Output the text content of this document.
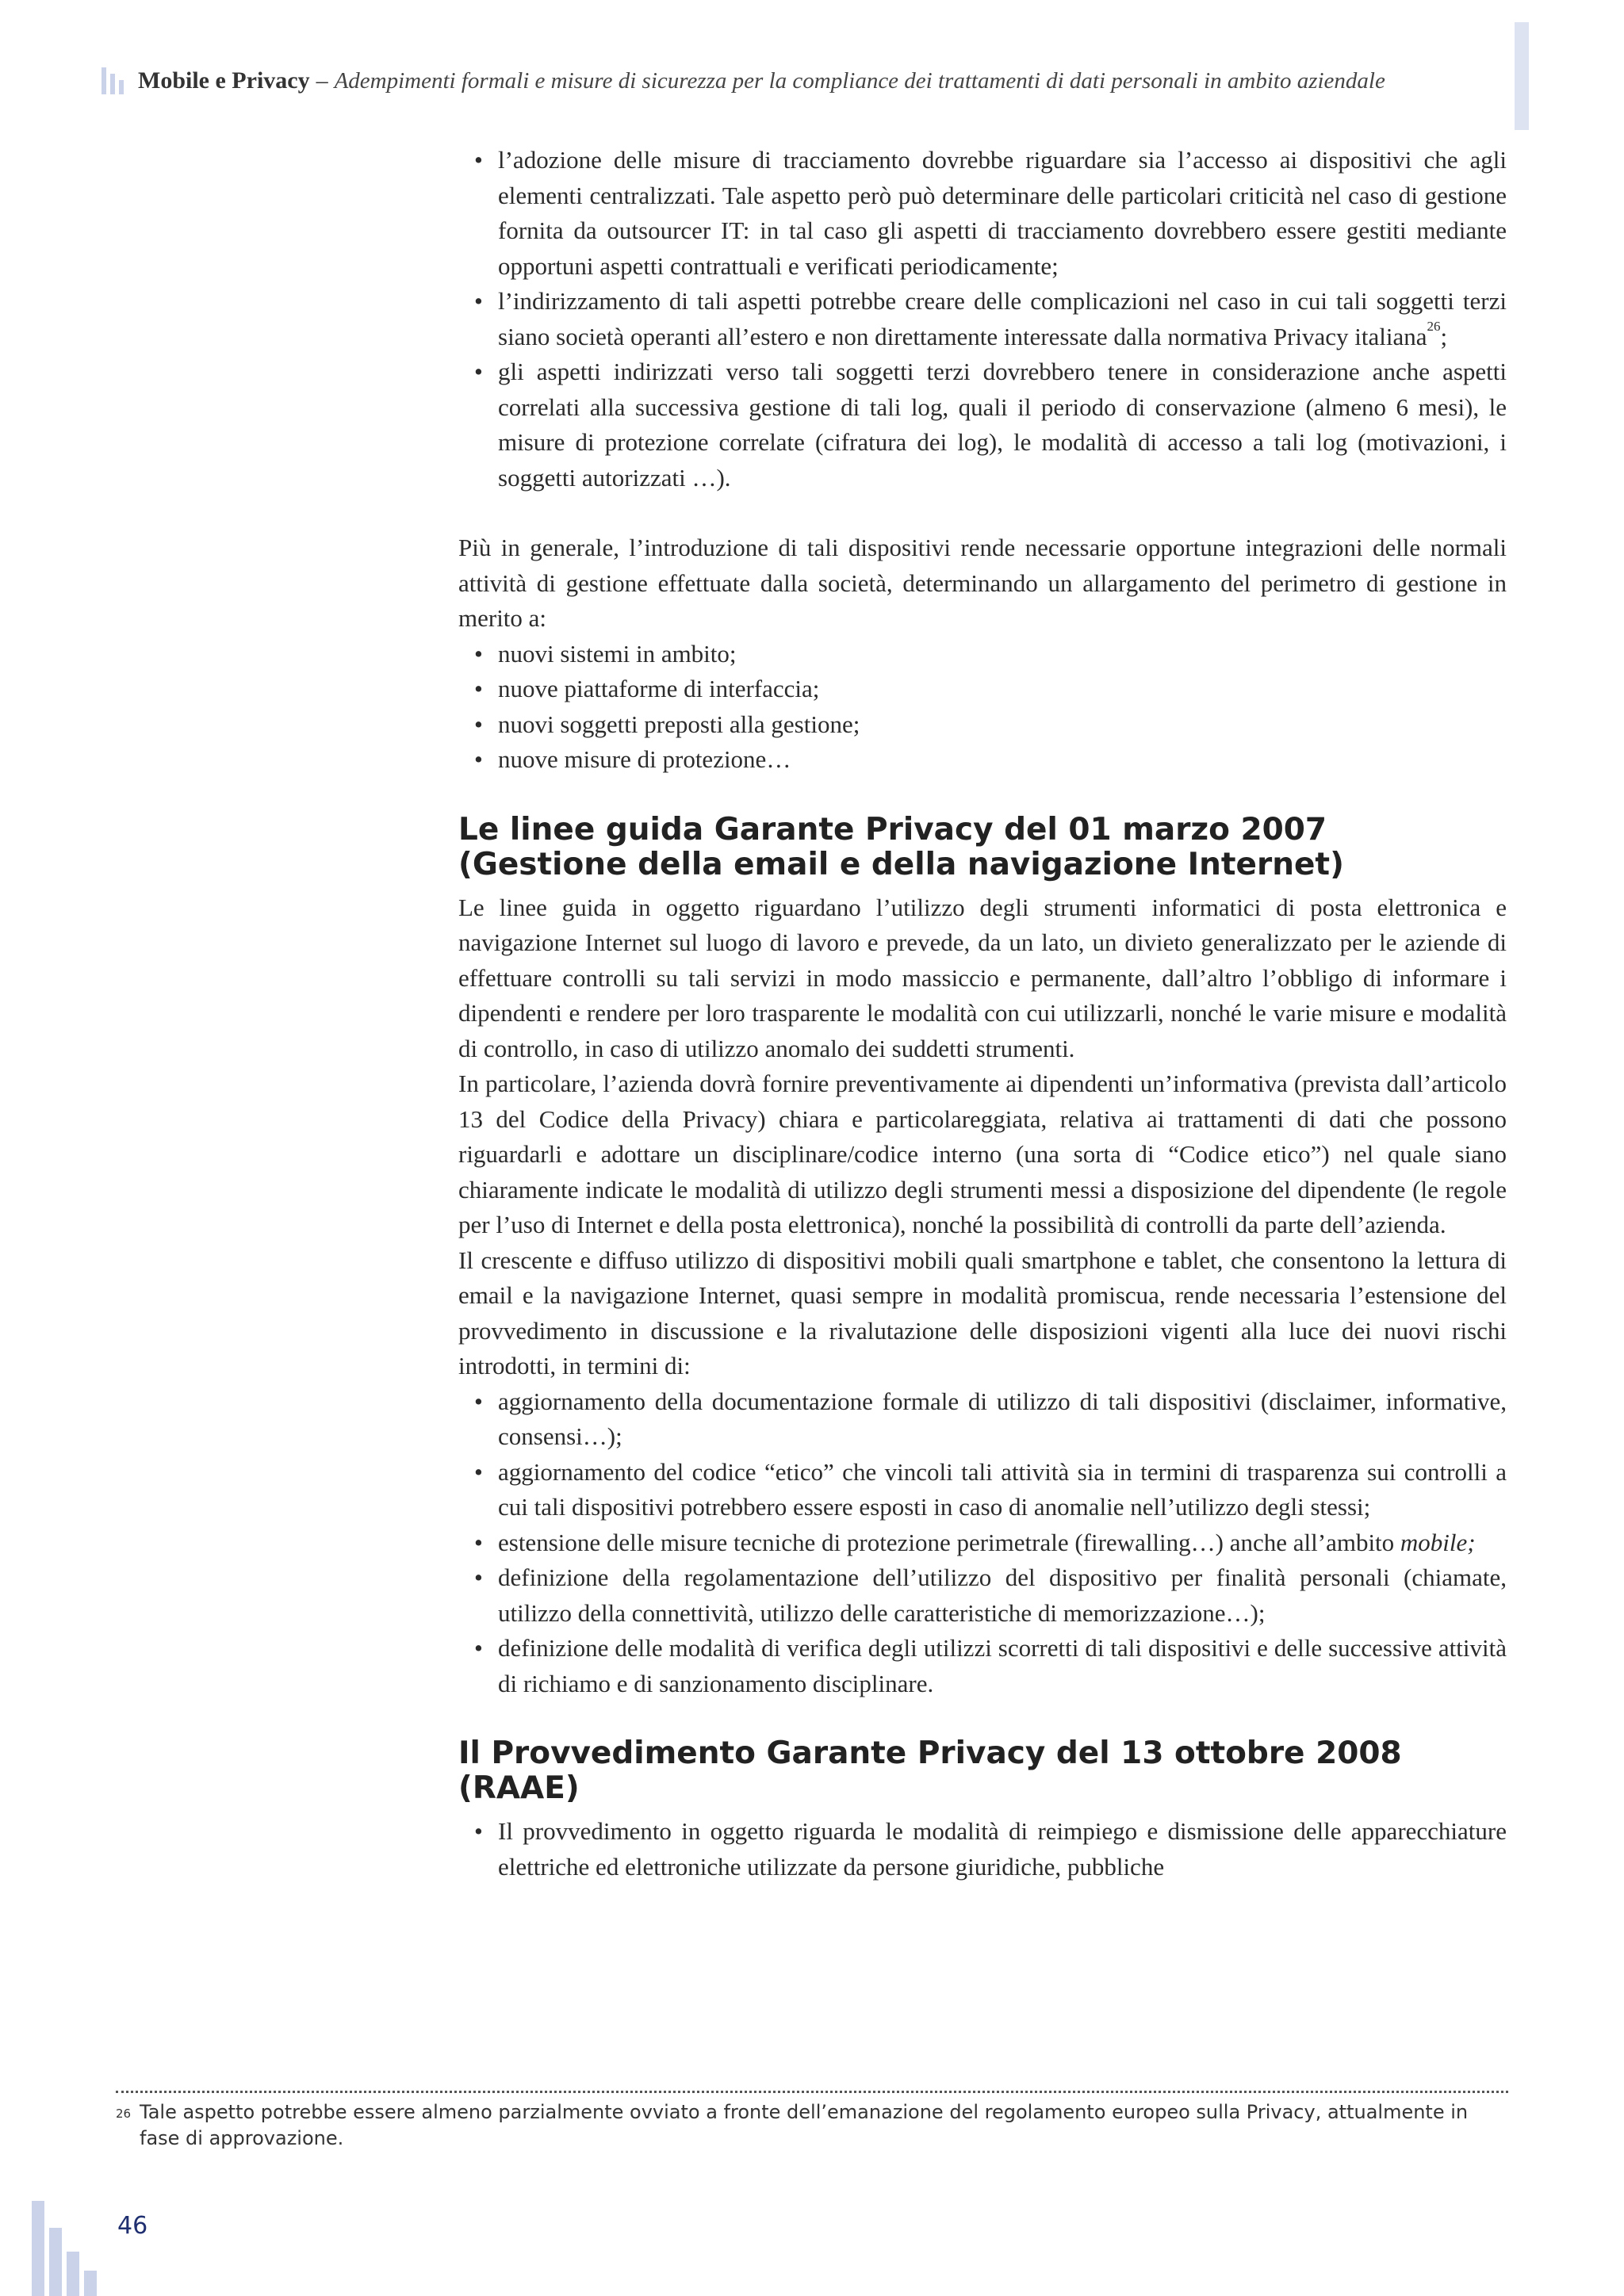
Mobile e Privacy – Adempimenti formali e misure di sicurezza per la compliance dei trattamenti di dati personali in ambito aziendale
• l’adozione delle misure di tracciamento dovrebbe riguardare sia l’accesso ai dispositivi che agli elementi centralizzati. Tale aspetto però può determinare delle particolari criticità nel caso di gestione fornita da outsourcer IT: in tal caso gli aspetti di tracciamento dovrebbero essere gestiti mediante opportuni aspetti contrattuali e verificati periodicamente;
• l’indirizzamento di tali aspetti potrebbe creare delle complicazioni nel caso in cui tali soggetti terzi siano società operanti all’estero e non direttamente interessate dalla normativa Privacy italiana$^{26}$;
• gli aspetti indirizzati verso tali soggetti terzi dovrebbero tenere in considerazione anche aspetti correlati alla successiva gestione di tali log, quali il periodo di conservazione (almeno 6 mesi), le misure di protezione correlate (cifratura dei log), le modalità di accesso a tali log (motivazioni, i soggetti autorizzati …).

Più in generale, l’introduzione di tali dispositivi rende necessarie opportune integrazioni delle normali attività di gestione effettuate dalla società, determinando un allargamento del perimetro di gestione in merito a:

• nuovi sistemi in ambito;
• nuove piattaforme di interfaccia;
• nuovi soggetti preposti alla gestione;
• nuove misure di protezione…
Le linee guida Garante Privacy del 01 marzo 2007
(Gestione della email e della navigazione Internet)

Le linee guida in oggetto riguardano l’utilizzo degli strumenti informatici di posta elettronica e navigazione Internet sul luogo di lavoro e prevede, da un lato, un divieto generalizzato per le aziende di effettuare controlli su tali servizi in modo massiccio e permanente, dall’altro l’obbligo di informare i dipendenti e rendere per loro trasparente le modalità con cui utilizzarli, nonché le varie misure e modalità di controllo, in caso di utilizzo anomalo dei suddetti strumenti.

In particolare, l’azienda dovrà fornire preventivamente ai dipendenti un’informativa (prevista dall’articolo 13 del Codice della Privacy) chiara e particolareggiata, relativa ai trattamenti di dati che possono riguardarli e adottare un disciplinare/codice interno (una sorta di “Codice etico”) nel quale siano chiaramente indicate le modalità di utilizzo degli strumenti messi a disposizione del dipendente (le regole per l’uso di Internet e della posta elettronica), nonché la possibilità di controlli da parte dell’azienda.

Il crescente e diffuso utilizzo di dispositivi mobili quali smartphone e tablet, che consentono la lettura di email e la navigazione Internet, quasi sempre in modalità promiscua, rende necessaria l’estensione del provvedimento in discussione e la rivalutazione delle disposizioni vigenti alla luce dei nuovi rischi introdotti, in termini di:

• aggiornamento della documentazione formale di utilizzo di tali dispositivi (disclaimer, informative, consensi…);
• aggiornamento del codice “etico” che vincoli tali attività sia in termini di trasparenza sui controlli a cui tali dispositivi potrebbero essere esposti in caso di anomalie nell’utilizzo degli stessi;
• estensione delle misure tecniche di protezione perimetrale (firewalling…) anche all’ambito mobile;
• definizione della regolamentazione dell’utilizzo del dispositivo per finalità personali (chiamate, utilizzo della connettività, utilizzo delle caratteristiche di memorizzazione…);
• definizione delle modalità di verifica degli utilizzi scorretti di tali dispositivi e delle successive attività di richiamo e di sanzionamento disciplinare.
Il Provvedimento Garante Privacy del 13 ottobre 2008 (RAAE)
• Il provvedimento in oggetto riguarda le modalità di reimpiego e dismissione delle apparecchiature elettriche ed elettroniche utilizzate da persone giuridiche, pubbliche
26 Tale aspetto potrebbe essere almeno parzialmente ovviato a fronte dell’emanazione del regolamento europeo sulla Privacy, attualmente in fase di approvazione.
46
